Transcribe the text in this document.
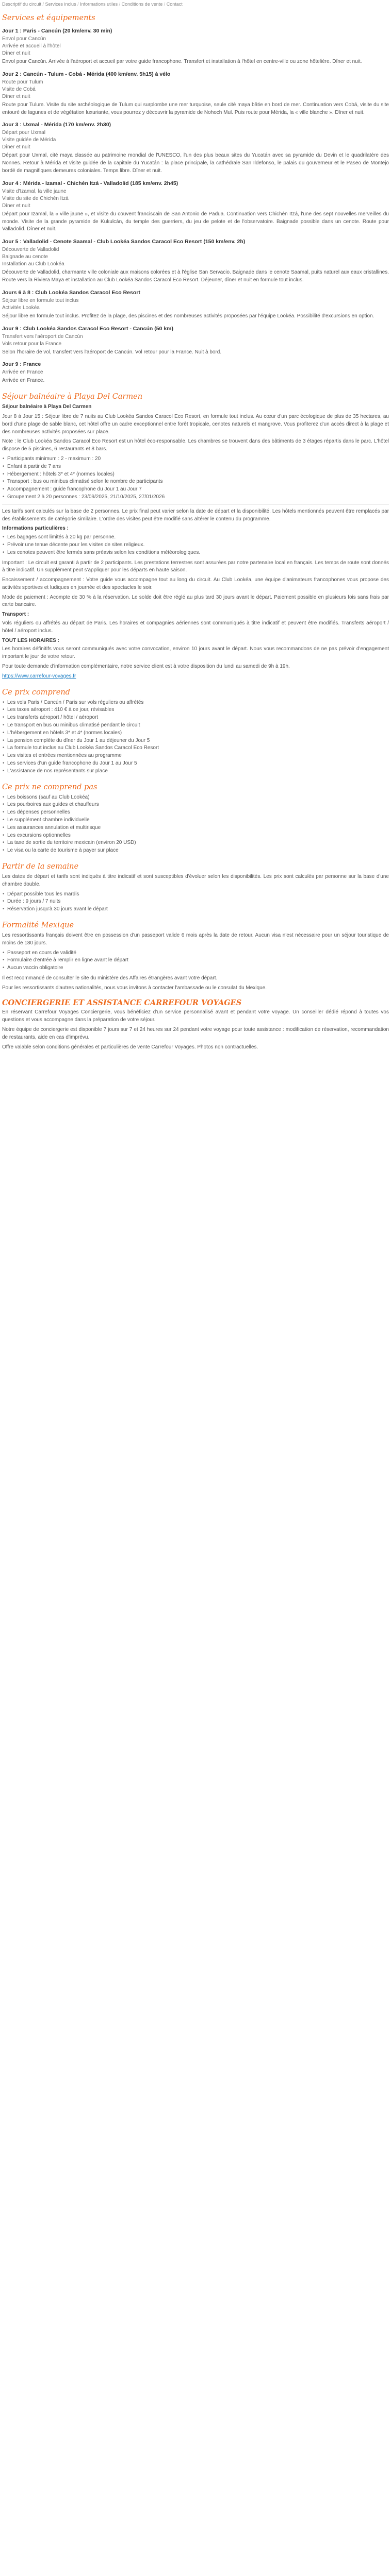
Descriptif du circuit / Services inclus / Informations utiles / Conditions de vente / Contact
Services et équipements
Jour 1 : Paris - Cancún (20 km/env. 30 min)
Envol pour Cancún
Arrivée et accueil à l'hôtel
Dîner et nuit

Envol pour Cancún. Arrivée à l'aéroport et accueil par votre guide francophone. Transfert et installation à l'hôtel en centre-ville ou zone hôtelière. Dîner et nuit.

Jour 2 : Cancún - Tulum - Cobá - Mérida (400 km/env. 5h15) à vélo
Route pour Tulum
Visite de Cobá
Dîner et nuit

Route pour Tulum. Visite du site archéologique de Tulum qui surplombe une mer turquoise, seule cité maya bâtie en bord de mer. Continuation vers Cobá, visite du site entouré de lagunes et de végétation luxuriante, vous pourrez y découvrir la pyramide de Nohoch Mul. Puis route pour Mérida, la « ville blanche ». Dîner et nuit.

Jour 3 : Uxmal - Mérida (170 km/env. 2h30)
Départ pour Uxmal
Visite guidée de Mérida
Dîner et nuit

Départ pour Uxmal, cité maya classée au patrimoine mondial de l'UNESCO, l'un des plus beaux sites du Yucatán avec sa pyramide du Devin et le quadrilatère des Nonnes. Retour à Mérida et visite guidée de la capitale du Yucatán : la place principale, la cathédrale San Ildefonso, le palais du gouverneur et le Paseo de Montejo bordé de magnifiques demeures coloniales. Temps libre. Dîner et nuit.

Jour 4 : Mérida - Izamal - Chichén Itzá - Valladolid (185 km/env. 2h45)
Visite d'Izamal, la ville jaune
Visite du site de Chichén Itzá
Dîner et nuit

Départ pour Izamal, la « ville jaune », et visite du couvent franciscain de San Antonio de Padua. Continuation vers Chichén Itzá, l'une des sept nouvelles merveilles du monde. Visite de la grande pyramide de Kukulcán, du temple des guerriers, du jeu de pelote et de l'observatoire. Baignade possible dans un cenote. Route pour Valladolid. Dîner et nuit.

Jour 5 : Valladolid - Cenote Saamal - Club Lookéa Sandos Caracol Eco Resort (150 km/env. 2h)
Découverte de Valladolid
Baignade au cenote
Installation au Club Lookéa

Découverte de Valladolid, charmante ville coloniale aux maisons colorées et à l'église San Servacio. Baignade dans le cenote Saamal, puits naturel aux eaux cristallines. Route vers la Riviera Maya et installation au Club Lookéa Sandos Caracol Eco Resort. Déjeuner, dîner et nuit en formule tout inclus.

Jours 6 à 8 : Club Lookéa Sandos Caracol Eco Resort
Séjour libre en formule tout inclus
Activités Lookéa

Séjour libre en formule tout inclus. Profitez de la plage, des piscines et des nombreuses activités proposées par l'équipe Lookéa. Possibilité d'excursions en option.

Jour 9 : Club Lookéa Sandos Caracol Eco Resort - Cancún (50 km)
Transfert vers l'aéroport de Cancún
Vols retour pour la France

Selon l'horaire de vol, transfert vers l'aéroport de Cancún. Vol retour pour la France. Nuit à bord.

Jour 9 : France
Arrivée en France

Arrivée en France.

Séjour balnéaire à Playa Del Carmen

Séjour balnéaire à Playa Del Carmen

Jour 8 à Jour 15 : Séjour libre de 7 nuits au Club Lookéa Sandos Caracol Eco Resort, en formule tout inclus. Au cœur d'un parc écologique de plus de 35 hectares, au bord d'une plage de sable blanc, cet hôtel offre un cadre exceptionnel entre forêt tropicale, cenotes naturels et mangrove. Vous profiterez d'un accès direct à la plage et des nombreuses activités proposées sur place.

Note : le Club Lookéa Sandos Caracol Eco Resort est un hôtel éco-responsable. Les chambres se trouvent dans des bâtiments de 3 étages répartis dans le parc. L'hôtel dispose de 5 piscines, 6 restaurants et 8 bars.

• Participants minimum : 2 - maximum : 20
• Enfant à partir de 7 ans
• Hébergement : hôtels 3* et 4* (normes locales)
• Transport : bus ou minibus climatisé selon le nombre de participants
• Accompagnement : guide francophone du Jour 1 au Jour 7
• Groupement 2 à 20 personnes : 23/09/2025, 21/10/2025, 27/01/2026

Les tarifs sont calculés sur la base de 2 personnes. Le prix final peut varier selon la date de départ et la disponibilité. Les hôtels mentionnés peuvent être remplacés par des établissements de catégorie similaire. L'ordre des visites peut être modifié sans altérer le contenu du programme.

Informations particulières :

• Les bagages sont limités à 20 kg par personne.
• Prévoir une tenue décente pour les visites de sites religieux.
• Les cenotes peuvent être fermés sans préavis selon les conditions météorologiques.

Important : Le circuit est garanti à partir de 2 participants. Les prestations terrestres sont assurées par notre partenaire local en français. Les temps de route sont donnés à titre indicatif. Un supplément peut s'appliquer pour les départs en haute saison.

Encaissement / accompagnement : Votre guide vous accompagne tout au long du circuit. Au Club Lookéa, une équipe d'animateurs francophones vous propose des activités sportives et ludiques en journée et des spectacles le soir.

Mode de paiement : Acompte de 30 % à la réservation. Le solde doit être réglé au plus tard 30 jours avant le départ. Paiement possible en plusieurs fois sans frais par carte bancaire.

Transport :

Vols réguliers ou affrétés au départ de Paris. Les horaires et compagnies aériennes sont communiqués à titre indicatif et peuvent être modifiés. Transferts aéroport / hôtel / aéroport inclus.

TOUT LES HORAIRES :

Les horaires définitifs vous seront communiqués avec votre convocation, environ 10 jours avant le départ. Nous vous recommandons de ne pas prévoir d'engagement important le jour de votre retour.

Pour toute demande d'information complémentaire, notre service client est à votre disposition du lundi au samedi de 9h à 19h.

https://www.carrefour-voyages.fr

Ce prix comprend
• Les vols Paris / Cancún / Paris sur vols réguliers ou affrétés
• Les taxes aéroport : 410 € à ce jour, révisables
• Les transferts aéroport / hôtel / aéroport
• Le transport en bus ou minibus climatisé pendant le circuit
• L'hébergement en hôtels 3* et 4* (normes locales)
• La pension complète du dîner du Jour 1 au déjeuner du Jour 5
• La formule tout inclus au Club Lookéa Sandos Caracol Eco Resort
• Les visites et entrées mentionnées au programme
• Les services d'un guide francophone du Jour 1 au Jour 5
• L'assistance de nos représentants sur place
Ce prix ne comprend pas
• Les boissons (sauf au Club Lookéa)
• Les pourboires aux guides et chauffeurs
• Les dépenses personnelles
• Le supplément chambre individuelle
• Les assurances annulation et multirisque
• Les excursions optionnelles
• La taxe de sortie du territoire mexicain (environ 20 USD)
• Le visa ou la carte de tourisme à payer sur place
Partir de la semaine

Les dates de départ et tarifs sont indiqués à titre indicatif et sont susceptibles d'évoluer selon les disponibilités. Les prix sont calculés par personne sur la base d'une chambre double.

• Départ possible tous les mardis
• Durée : 9 jours / 7 nuits
• Réservation jusqu'à 30 jours avant le départ
Formalité Mexique

Les ressortissants français doivent être en possession d'un passeport valide 6 mois après la date de retour. Aucun visa n'est nécessaire pour un séjour touristique de moins de 180 jours.

• Passeport en cours de validité
• Formulaire d'entrée à remplir en ligne avant le départ
• Aucun vaccin obligatoire

Il est recommandé de consulter le site du ministère des Affaires étrangères avant votre départ.

Pour les ressortissants d'autres nationalités, nous vous invitons à contacter l'ambassade ou le consulat du Mexique.

CONCIERGERIE ET ASSISTANCE CARREFOUR VOYAGES

En réservant Carrefour Voyages Conciergerie, vous bénéficiez d'un service personnalisé avant et pendant votre voyage. Un conseiller dédié répond à toutes vos questions et vous accompagne dans la préparation de votre séjour.

Notre équipe de conciergerie est disponible 7 jours sur 7 et 24 heures sur 24 pendant votre voyage pour toute assistance : modification de réservation, recommandation de restaurants, aide en cas d'imprévu.

Offre valable selon conditions générales et particulières de vente Carrefour Voyages. Photos non contractuelles.
